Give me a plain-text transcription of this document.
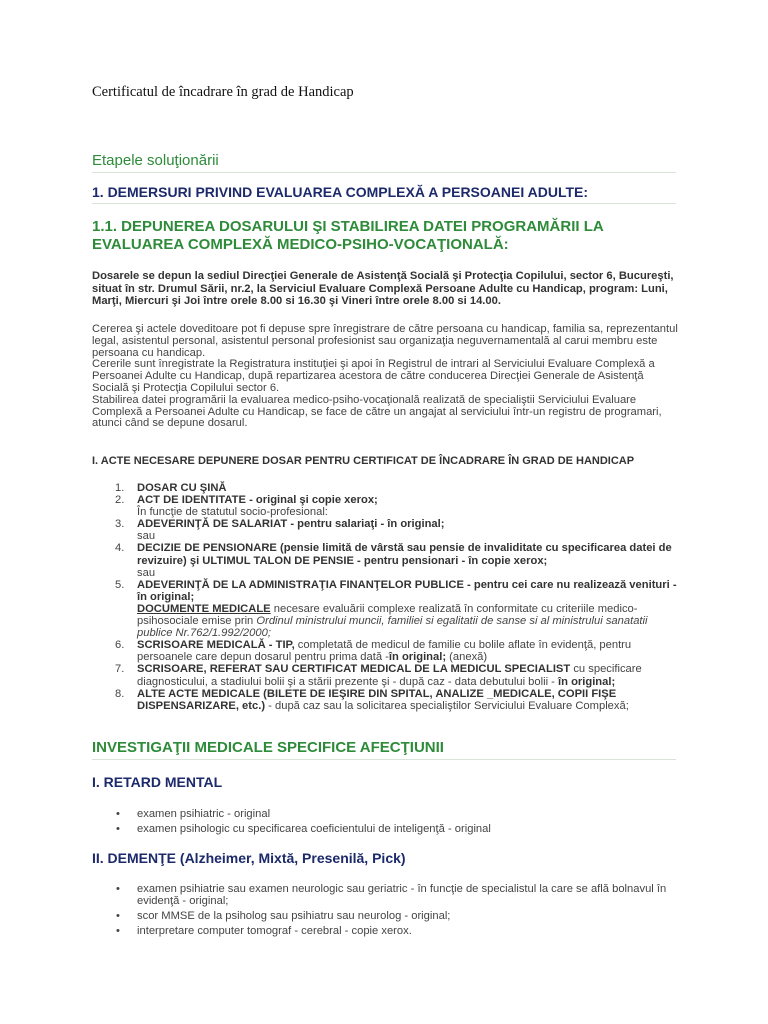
Certificatul de încadrare în grad de Handicap
Etapele soluţionării
1. DEMERSURI PRIVIND EVALUAREA COMPLEXĂ A PERSOANEI ADULTE:
1.1. DEPUNEREA DOSARULUI ŞI STABILIREA DATEI PROGRAMĂRII LA EVALUAREA COMPLEXĂ MEDICO-PSIHO-VOCAŢIONALĂ:
Dosarele se depun la sediul Direcţiei Generale de Asistenţă Socială şi Protecţia Copilului, sector 6, Bucureşti, situat în str. Drumul Sării, nr.2, la Serviciul Evaluare Complexă Persoane Adulte cu Handicap, program: Luni, Marţi, Miercuri şi Joi între orele 8.00 si 16.30 şi Vineri între orele 8.00 si 14.00.

Cererea şi actele doveditoare pot fi depuse spre înregistrare de către persoana cu handicap, familia sa, reprezentantul legal, asistentul personal, asistentul personal profesionist sau organizaţia neguvernamentală al carui membru este persoana cu handicap.

Cererile sunt înregistrate la Registratura instituţiei şi apoi în Registrul de intrari al Serviciului Evaluare Complexă a Persoanei Adulte cu Handicap, după repartizarea acestora de către conducerea Direcţiei Generale de Asistenţă Socială şi Protecţia Copilului sector 6.

Stabilirea datei programării la evaluarea medico-psiho-vocaţională realizată de specialiştii Serviciului Evaluare Complexă a Persoanei Adulte cu Handicap, se face de către un angajat al serviciului într-un registru de programari, atunci când se depune dosarul.

I. ACTE NECESARE DEPUNERE DOSAR PENTRU CERTIFICAT DE ÎNCADRARE ÎN GRAD DE HANDICAP
1. DOSAR CU ŞINĂ
2. ACT DE IDENTITATE - original şi copie xerox;
În funcţie de statutul socio-profesional:
3. ADEVERINŢĂ DE SALARIAT - pentru salariaţi - în original;
sau
4. DECIZIE DE PENSIONARE (pensie limită de vârstă sau pensie de invaliditate cu specificarea datei de revizuire) şi ULTIMUL TALON DE PENSIE - pentru pensionari - în copie xerox;
sau
5. ADEVERINŢĂ DE LA ADMINISTRAŢIA FINANŢELOR PUBLICE - pentru cei care nu realizează venituri - în original;
DOCUMENTE MEDICALE necesare evaluării complexe realizată în conformitate cu criteriile medico-psihosociale emise prin Ordinul ministrului muncii, familiei si egalitatii de sanse si al ministrului sanatatii publice Nr.762/1.992/2000;
6. SCRISOARE MEDICALĂ - TIP, completată de medicul de familie cu bolile aflate în evidenţă, pentru persoanele care depun dosarul pentru prima dată -în original; (anexă)
7. SCRISOARE, REFERAT SAU CERTIFICAT MEDICAL DE LA MEDICUL SPECIALIST cu specificare diagnosticului, a stadiului bolii şi a stării prezente şi - după caz - data debutului bolii - în original;
8. ALTE ACTE MEDICALE (BILETE DE IEŞIRE DIN SPITAL, ANALIZE _MEDICALE, COPII FIŞE DISPENSARIZARE, etc.) - după caz sau la solicitarea specialiştilor Serviciului Evaluare Complexă;
INVESTIGAŢII MEDICALE SPECIFICE AFECŢIUNII
I. RETARD MENTAL
• examen psihiatric - original
• examen psihologic cu specificarea coeficientului de inteligenţă - original
II. DEMENŢE (Alzheimer, Mixtă, Presenilă, Pick)
• examen psihiatrie sau examen neurologic sau geriatric - în funcţie de specialistul la care se află bolnavul în evidenţă - original;
• scor MMSE de la psiholog sau psihiatru sau neurolog - original;
• interpretare computer tomograf - cerebral - copie xerox.
